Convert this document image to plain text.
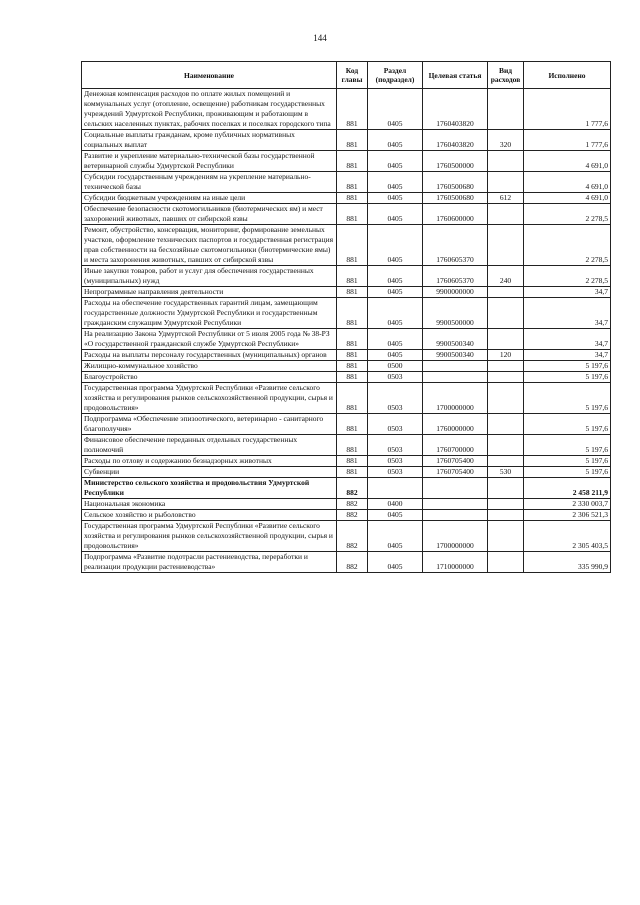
144
Наименование	Код главы	Раздел (подраздел)	Целевая статья	Вид расходов	Исполнено
Денежная компенсация расходов по оплате жилых помещений и коммунальных услуг (отопление, освещение) работникам государственных учреждений Удмуртской Республики, проживающим и работающим в сельских населенных пунктах, рабочих поселках и поселках городского типа	881	0405	1760403820		1 777,6
Социальные выплаты гражданам, кроме публичных нормативных социальных выплат	881	0405	1760403820	320	1 777,6
Развитие и укрепление материально-технической базы государственной ветеринарной службы Удмуртской Республики	881	0405	1760500000		4 691,0
Субсидии государственным учреждениям на укрепление материально-технической базы	881	0405	1760500680		4 691,0
Субсидии бюджетным учреждениям на иные цели	881	0405	1760500680	612	4 691,0
Обеспечение безопасности скотомогильников (биотермических ям) и мест захоронений животных, павших от сибирской язвы	881	0405	1760600000		2 278,5
Ремонт, обустройство, консервация, мониторинг, формирование земельных участков, оформление технических паспортов и государственная регистрация прав собственности на бесхозяйные скотомогильники (биотермические ямы) и места захоронения животных, павших от сибирской язвы	881	0405	1760605370		2 278,5
Иные закупки товаров, работ и услуг для обеспечения государственных (муниципальных) нужд	881	0405	1760605370	240	2 278,5
Непрограммные направления деятельности	881	0405	9900000000		34,7
Расходы на обеспечение государственных гарантий лицам, замещающим государственные должности Удмуртской Республики и государственным гражданским служащим Удмуртской Республики	881	0405	9900500000		34,7
На реализацию Закона Удмуртской Республики от 5 июля 2005 года № 38-РЗ «О государственной гражданской службе Удмуртской Республики»	881	0405	9900500340		34,7
Расходы на выплаты персоналу государственных (муниципальных) органов	881	0405	9900500340	120	34,7
Жилищно-коммунальное хозяйство	881	0500			5 197,6
Благоустройство	881	0503			5 197,6
Государственная программа Удмуртской Республики «Развитие сельского хозяйства и регулирования рынков сельскохозяйственной продукции, сырья и продовольствия»	881	0503	1700000000		5 197,6
Подпрограмма «Обеспечение эпизоотического, ветеринарно - санитарного благополучия»	881	0503	1760000000		5 197,6
Финансовое обеспечение переданных отдельных государственных полномочий	881	0503	1760700000		5 197,6
Расходы по отлову и содержанию безнадзорных животных	881	0503	1760705400		5 197,6
Субвенции	881	0503	1760705400	530	5 197,6
Министерство сельского хозяйства и продовольствия Удмуртской Республики	882				2 458 211,9
Национальная экономика	882	0400			2 330 003,7
Сельское хозяйство и рыболовство	882	0405			2 306 521,3
Государственная программа Удмуртской Республики «Развитие сельского хозяйства и регулирования рынков сельскохозяйственной продукции, сырья и продовольствия»	882	0405	1700000000		2 305 403,5
Подпрограмма «Развитие подотрасли растениеводства, переработки и реализации продукции растениеводства»	882	0405	1710000000		335 990,9
